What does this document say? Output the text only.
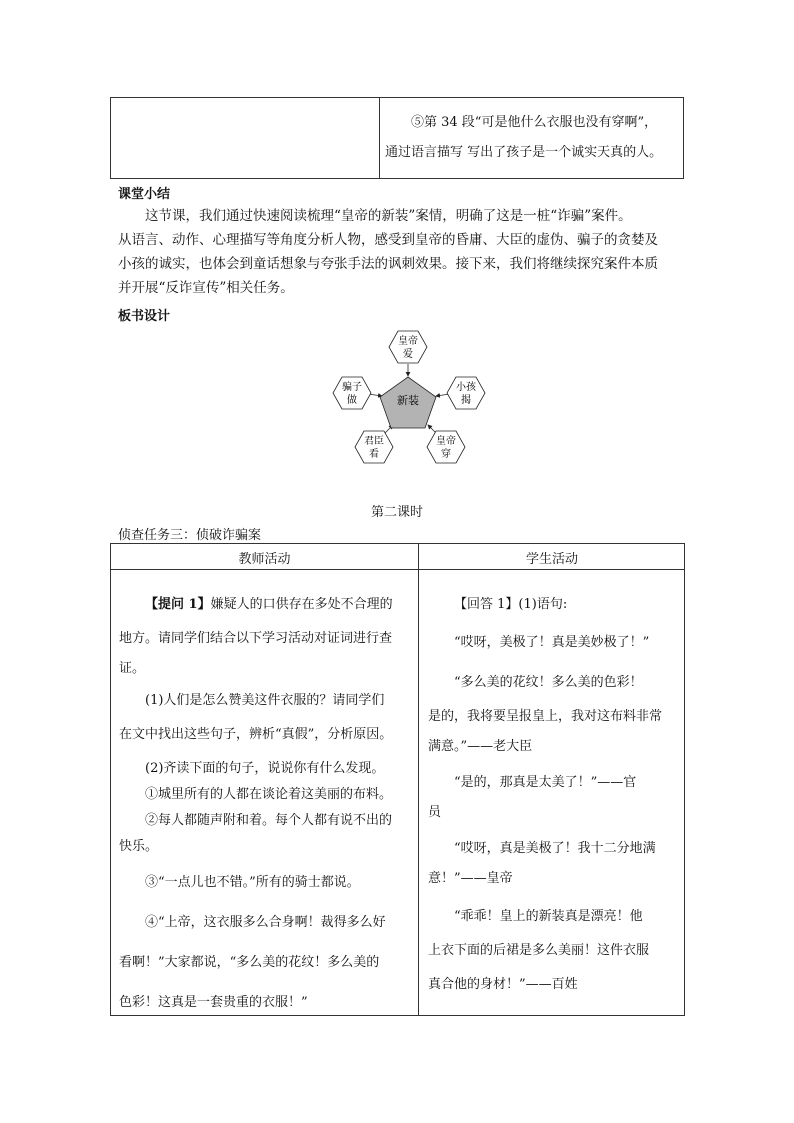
⑤第 34 段“可是他什么衣服也没有穿啊”，

通过语言描写 写出了孩子是一个诚实天真的人。

课堂小结

这节课，我们通过快速阅读梳理“皇帝的新装”案情，明确了这是一桩“诈骗”案件。

从语言、动作、心理描写等角度分析人物，感受到皇帝的昏庸、大臣的虚伪、骗子的贪婪及

小孩的诚实，也体会到童话想象与夸张手法的讽刺效果。接下来，我们将继续探究案件本质

并开展“反诈宣传”相关任务。

板书设计
新装
皇帝
爱
小孩
揭
皇帝
穿
君臣
看
骗子
做
第二课时
侦查任务三：侦破诈骗案
教师活动	学生活动

【提问 1】嫌疑人的口供存在多处不合理的

地方。请同学们结合以下学习活动对证词进行查

证。

(1)人们是怎么赞美这件衣服的？请同学们

在文中找出这些句子，辨析“真假”，分析原因。

(2)齐读下面的句子，说说你有什么发现。

①城里所有的人都在谈论着这美丽的布料。

②每人都随声附和着。每个人都有说不出的

快乐。

③“一点儿也不错。”所有的骑士都说。

④“上帝，这衣服多么合身啊！裁得多么好

看啊！”大家都说，“多么美的花纹！多么美的

色彩！这真是一套贵重的衣服！”

【回答 1】(1)语句:

“哎呀，美极了！真是美妙极了！”

“多么美的花纹！多么美的色彩！

是的，我将要呈报皇上，我对这布料非常

满意。”——老大臣

“是的，那真是太美了！”——官

员

“哎呀，真是美极了！我十二分地满

意！”——皇帝

“乖乖！皇上的新装真是漂亮！他

上衣下面的后裙是多么美丽！这件衣服

真合他的身材！”——百姓
